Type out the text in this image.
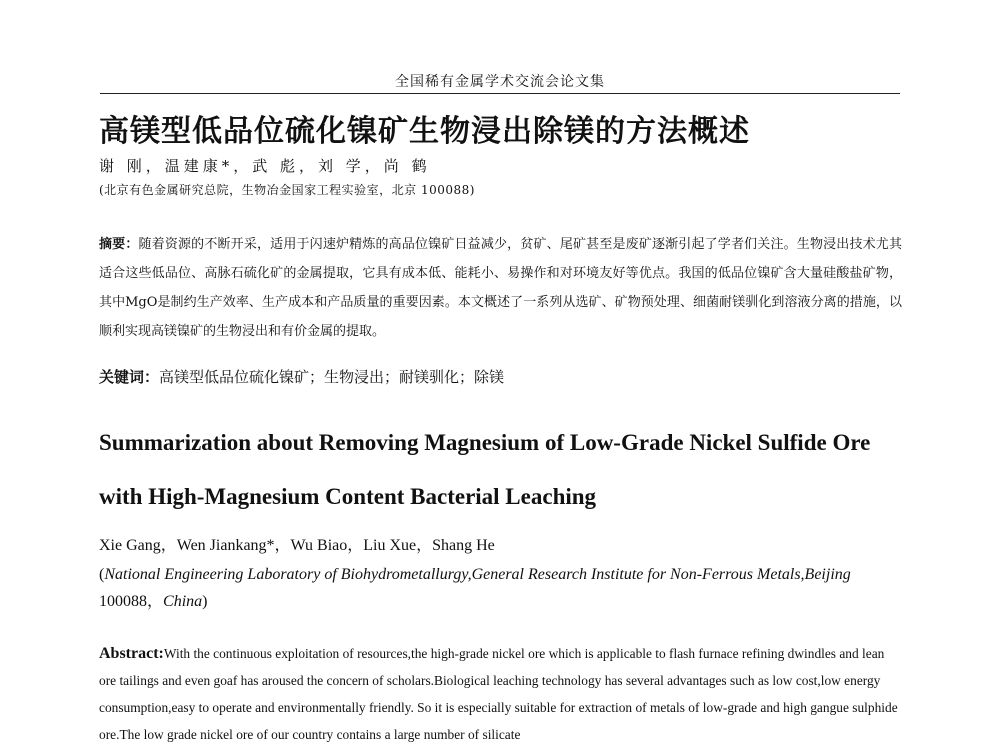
全国稀有金属学术交流会论文集
高镁型低品位硫化镍矿生物浸出除镁的方法概述
谢 刚，温建康*，武 彪，刘 学，尚 鹤
(北京有色金属研究总院，生物冶金国家工程实验室，北京 100088)
摘要：随着资源的不断开采，适用于闪速炉精炼的高品位镍矿日益减少，贫矿、尾矿甚至是废矿逐渐引起了学者们关注。生物浸出技术尤其适合这些低品位、高脉石硫化矿的金属提取，它具有成本低、能耗小、易操作和对环境友好等优点。我国的低品位镍矿含大量硅酸盐矿物，其中MgO是制约生产效率、生产成本和产品质量的重要因素。本文概述了一系列从选矿、矿物预处理、细菌耐镁驯化到溶液分离的措施，以顺利实现高镁镍矿的生物浸出和有价金属的提取。
关键词：高镁型低品位硫化镍矿；生物浸出；耐镁驯化；除镁
Summarization about Removing Magnesium of Low-Grade Nickel Sulfide Ore
with High-Magnesium Content Bacterial Leaching
Xie Gang，Wen Jiankang*，Wu Biao，Liu Xue，Shang He
(National Engineering Laboratory of Biohydrometallurgy,General Research Institute for Non-Ferrous Metals,Beijing 100088，China)
Abstract:With the continuous exploitation of resources,the high-grade nickel ore which is applicable to flash furnace refining dwindles and lean ore tailings and even goaf has aroused the concern of scholars.Biological leaching technology has several advantages such as low cost,low energy consumption,easy to operate and environmentally friendly. So it is especially suitable for extraction of metals of low-grade and high gangue sulphide ore.The low grade nickel ore of our country contains a large number of silicate
